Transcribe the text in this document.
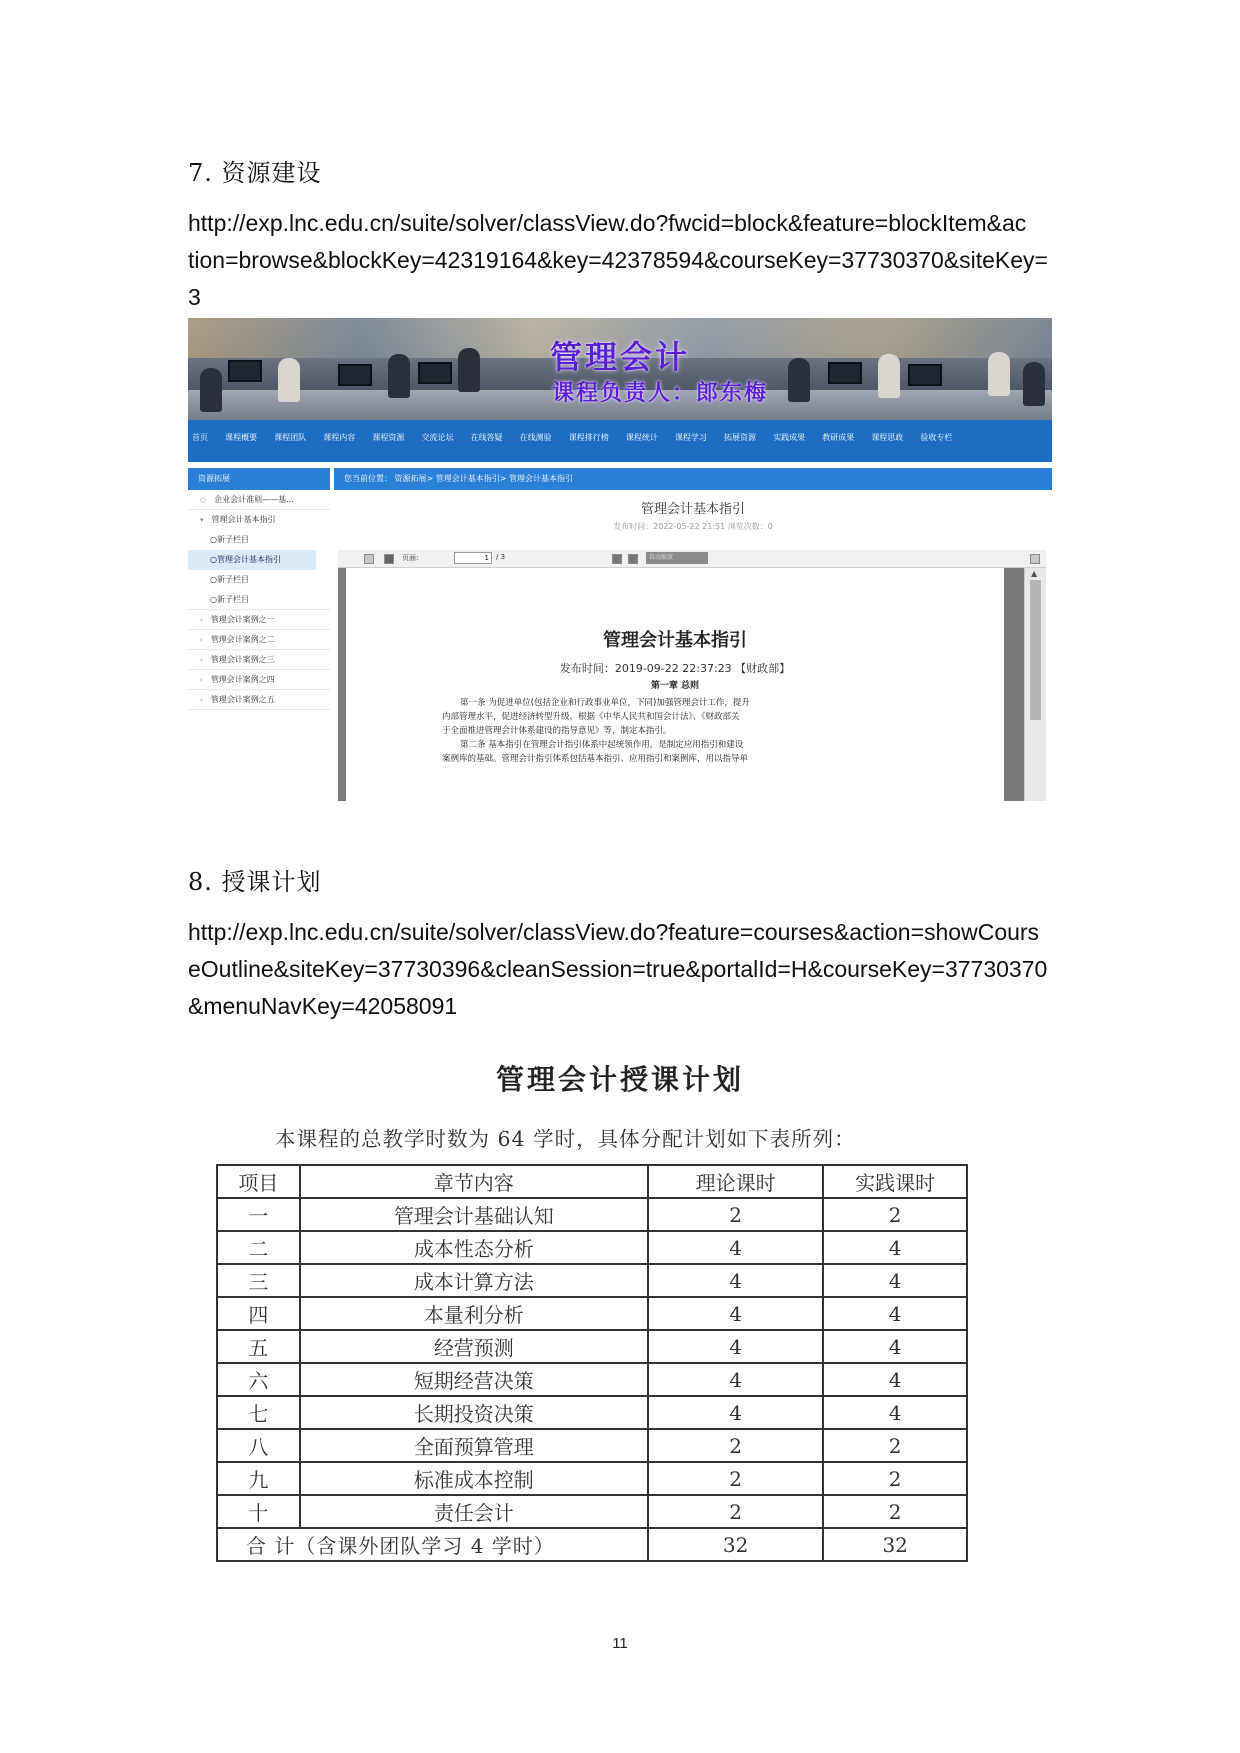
7. 资源建设
http://exp.lnc.edu.cn/suite/solver/classView.do?fwcid=block&feature=blockItem&ac
tion=browse&blockKey=42319164&key=42378594&courseKey=37730370&siteKey=3
管理会计
课程负责人：郎东梅
首页 课程概要 课程团队 课程内容 课程资源 交流论坛 在线答疑 在线测验 课程排行榜 课程统计 课程学习 拓展资源 实践成果 教研成果 课程思政 验收专栏
资源拓展
○ 企业会计准则——基...
▾ 管理会计基本指引
○新子栏目
○管理会计基本指引
○新子栏目
○新子栏目
› 管理会计案例之一
› 管理会计案例之二
› 管理会计案例之三
› 管理会计案例之四
› 管理会计案例之五
您当前位置： 资源拓展> 管理会计基本指引> 管理会计基本指引
管理会计基本指引
发布时间：2022-05-22 21:51 浏览次数：0
页面:	1	/ 3	自动缩放
管理会计基本指引
发布时间：2019-09-22 22:37:23 【财政部】
第一章 总则
第一条 为促进单位(包括企业和行政事业单位，下同)加强管理会计工作，提升
内部管理水平，促进经济转型升级，根据《中华人民共和国会计法》、《财政部关
于全面推进管理会计体系建设的指导意见》等，制定本指引。
第二条 基本指引在管理会计指引体系中起统领作用，是制定应用指引和建设
案例库的基础。管理会计指引体系包括基本指引、应用指引和案例库，用以指导单
▲
8. 授课计划
http://exp.lnc.edu.cn/suite/solver/classView.do?feature=courses&action=showCours
eOutline&siteKey=37730396&cleanSession=true&portalId=H&courseKey=37730370
&menuNavKey=42058091
管理会计授课计划
本课程的总教学时数为 64 学时，具体分配计划如下表所列：
项目	章节内容	理论课时	实践课时
一	管理会计基础认知	2	2
二	成本性态分析	4	4
三	成本计算方法	4	4
四	本量利分析	4	4
五	经营预测	4	4
六	短期经营决策	4	4
七	长期投资决策	4	4
八	全面预算管理	2	2
九	标准成本控制	2	2
十	责任会计	2	2
合 计（含课外团队学习 4 学时）		32	32
11
